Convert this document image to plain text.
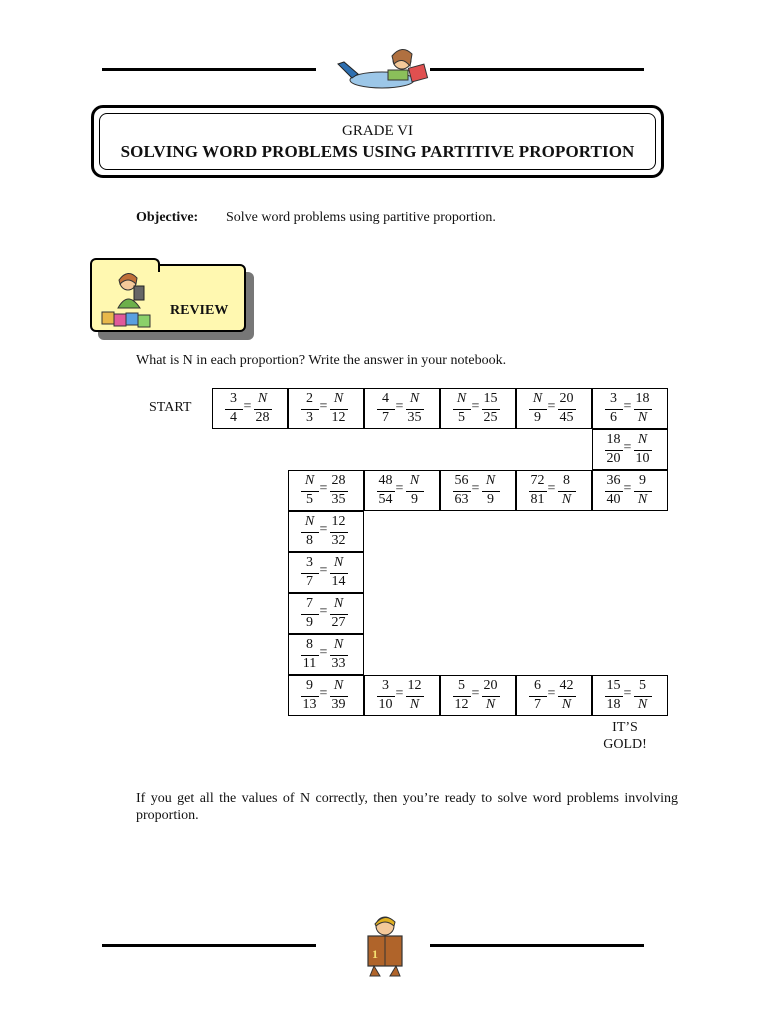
GRADE VI
SOLVING WORD PROBLEMS USING PARTITIVE PROPORTION
Objective: Solve word problems using partitive proportion.
REVIEW
What is N in each proportion? Write the answer in your notebook.
START
3
4
=
N
28
2
3
=
N
12
4
7
=
N
35
N
5
=
15
25
N
9
=
20
45
3
6
=
18
N
18
20
=
N
10
N
5
=
28
35
48
54
=
N
9
56
63
=
N
9
72
81
=
8
N
36
40
=
9
N
N
8
=
12
32
3
7
=
N
14
7
9
=
N
27
8
11
=
N
33
9
13
=
N
39
3
10
=
12
N
5
12
=
20
N
6
7
=
42
N
15
18
=
5
N
IT’S
GOLD!
If you get all the values of N correctly, then you’re ready to solve word problems involving proportion.
1
